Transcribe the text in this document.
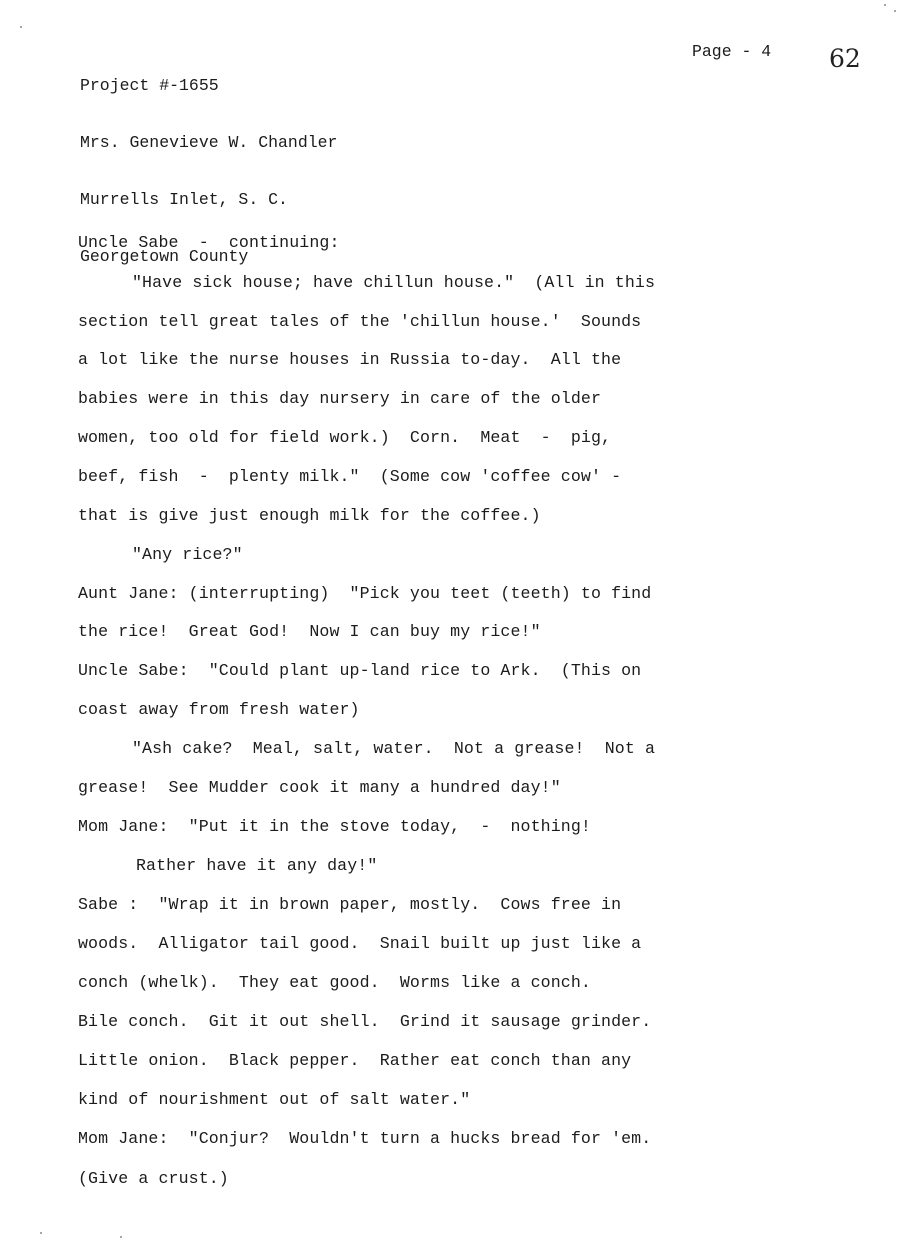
Project #-1655

Mrs. Genevieve W. Chandler

Murrells Inlet, S. C.

Georgetown County

Page - 4 62
Uncle Sabe  -  continuing:
"Have sick house; have chillun house."  (All in this
section tell great tales of the 'chillun house.'  Sounds
a lot like the nurse houses in Russia to-day.  All the
babies were in this day nursery in care of the older
women, too old for field work.)  Corn.  Meat  -  pig,
beef, fish  -  plenty milk."  (Some cow 'coffee cow' -
that is give just enough milk for the coffee.)
"Any rice?"
Aunt Jane: (interrupting)  "Pick you teet (teeth) to find
the rice!  Great God!  Now I can buy my rice!"
Uncle Sabe:  "Could plant up-land rice to Ark.  (This on
coast away from fresh water)
"Ash cake?  Meal, salt, water.  Not a grease!  Not a
grease!  See Mudder cook it many a hundred day!"
Mom Jane:  "Put it in the stove today,  -  nothing!
Rather have it any day!"
Sabe :  "Wrap it in brown paper, mostly.  Cows free in
woods.  Alligator tail good.  Snail built up just like a
conch (whelk).  They eat good.  Worms like a conch.
Bile conch.  Git it out shell.  Grind it sausage grinder.
Little onion.  Black pepper.  Rather eat conch than any
kind of nourishment out of salt water."
Mom Jane:  "Conjur?  Wouldn't turn a hucks bread for 'em.
(Give a crust.)
